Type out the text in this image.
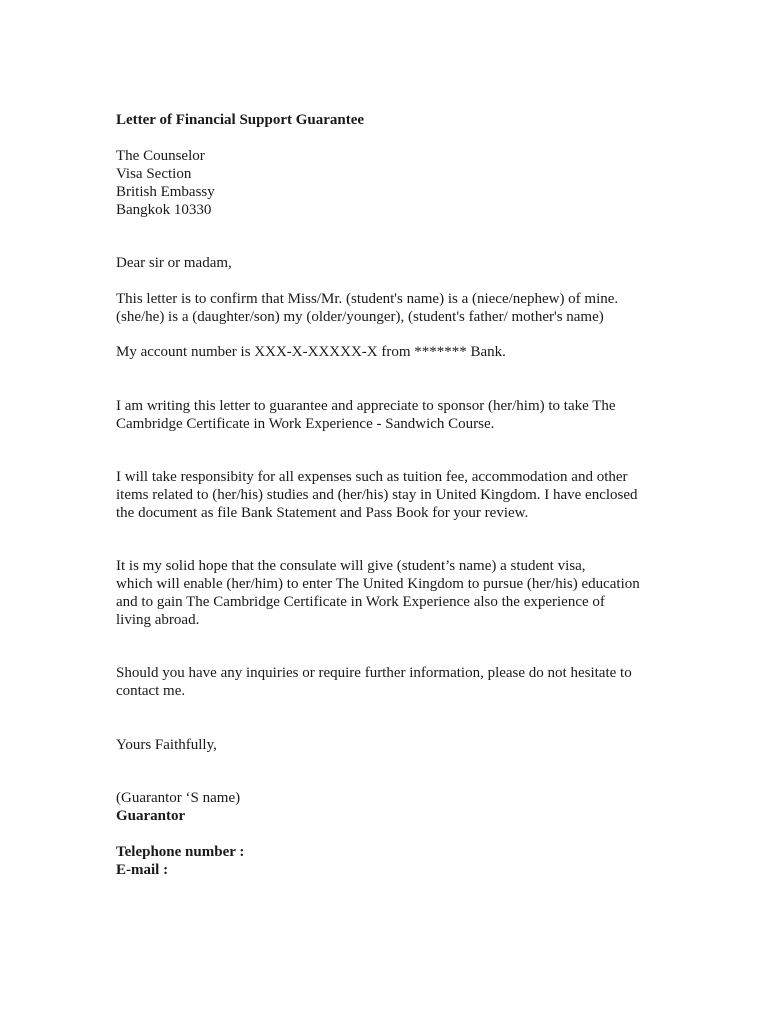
Letter of Financial Support Guarantee
The Counselor
Visa Section
British Embassy
Bangkok 10330
Dear sir or madam,
This letter is to confirm that Miss/Mr. (student's name) is a (niece/nephew) of mine.
(she/he) is a (daughter/son) my (older/younger), (student's father/ mother's name)
My account number is XXX-X-XXXXX-X from ******* Bank.
I am writing this letter to guarantee and appreciate to sponsor (her/him) to take The
Cambridge Certificate in Work Experience - Sandwich Course.
I will take responsibity for all expenses such as tuition fee, accommodation and other
items related to (her/his) studies and (her/his) stay in United Kingdom. I have enclosed
the document as file Bank Statement and Pass Book for your review.
It is my solid hope that the consulate will give (student’s name) a student visa,
which will enable (her/him) to enter The United Kingdom to pursue (her/his) education
and to gain The Cambridge Certificate in Work Experience also the experience of
living abroad.
Should you have any inquiries or require further information, please do not hesitate to
contact me.
Yours Faithfully,
(Guarantor ‘S name)
Guarantor
Telephone number :
E-mail :
